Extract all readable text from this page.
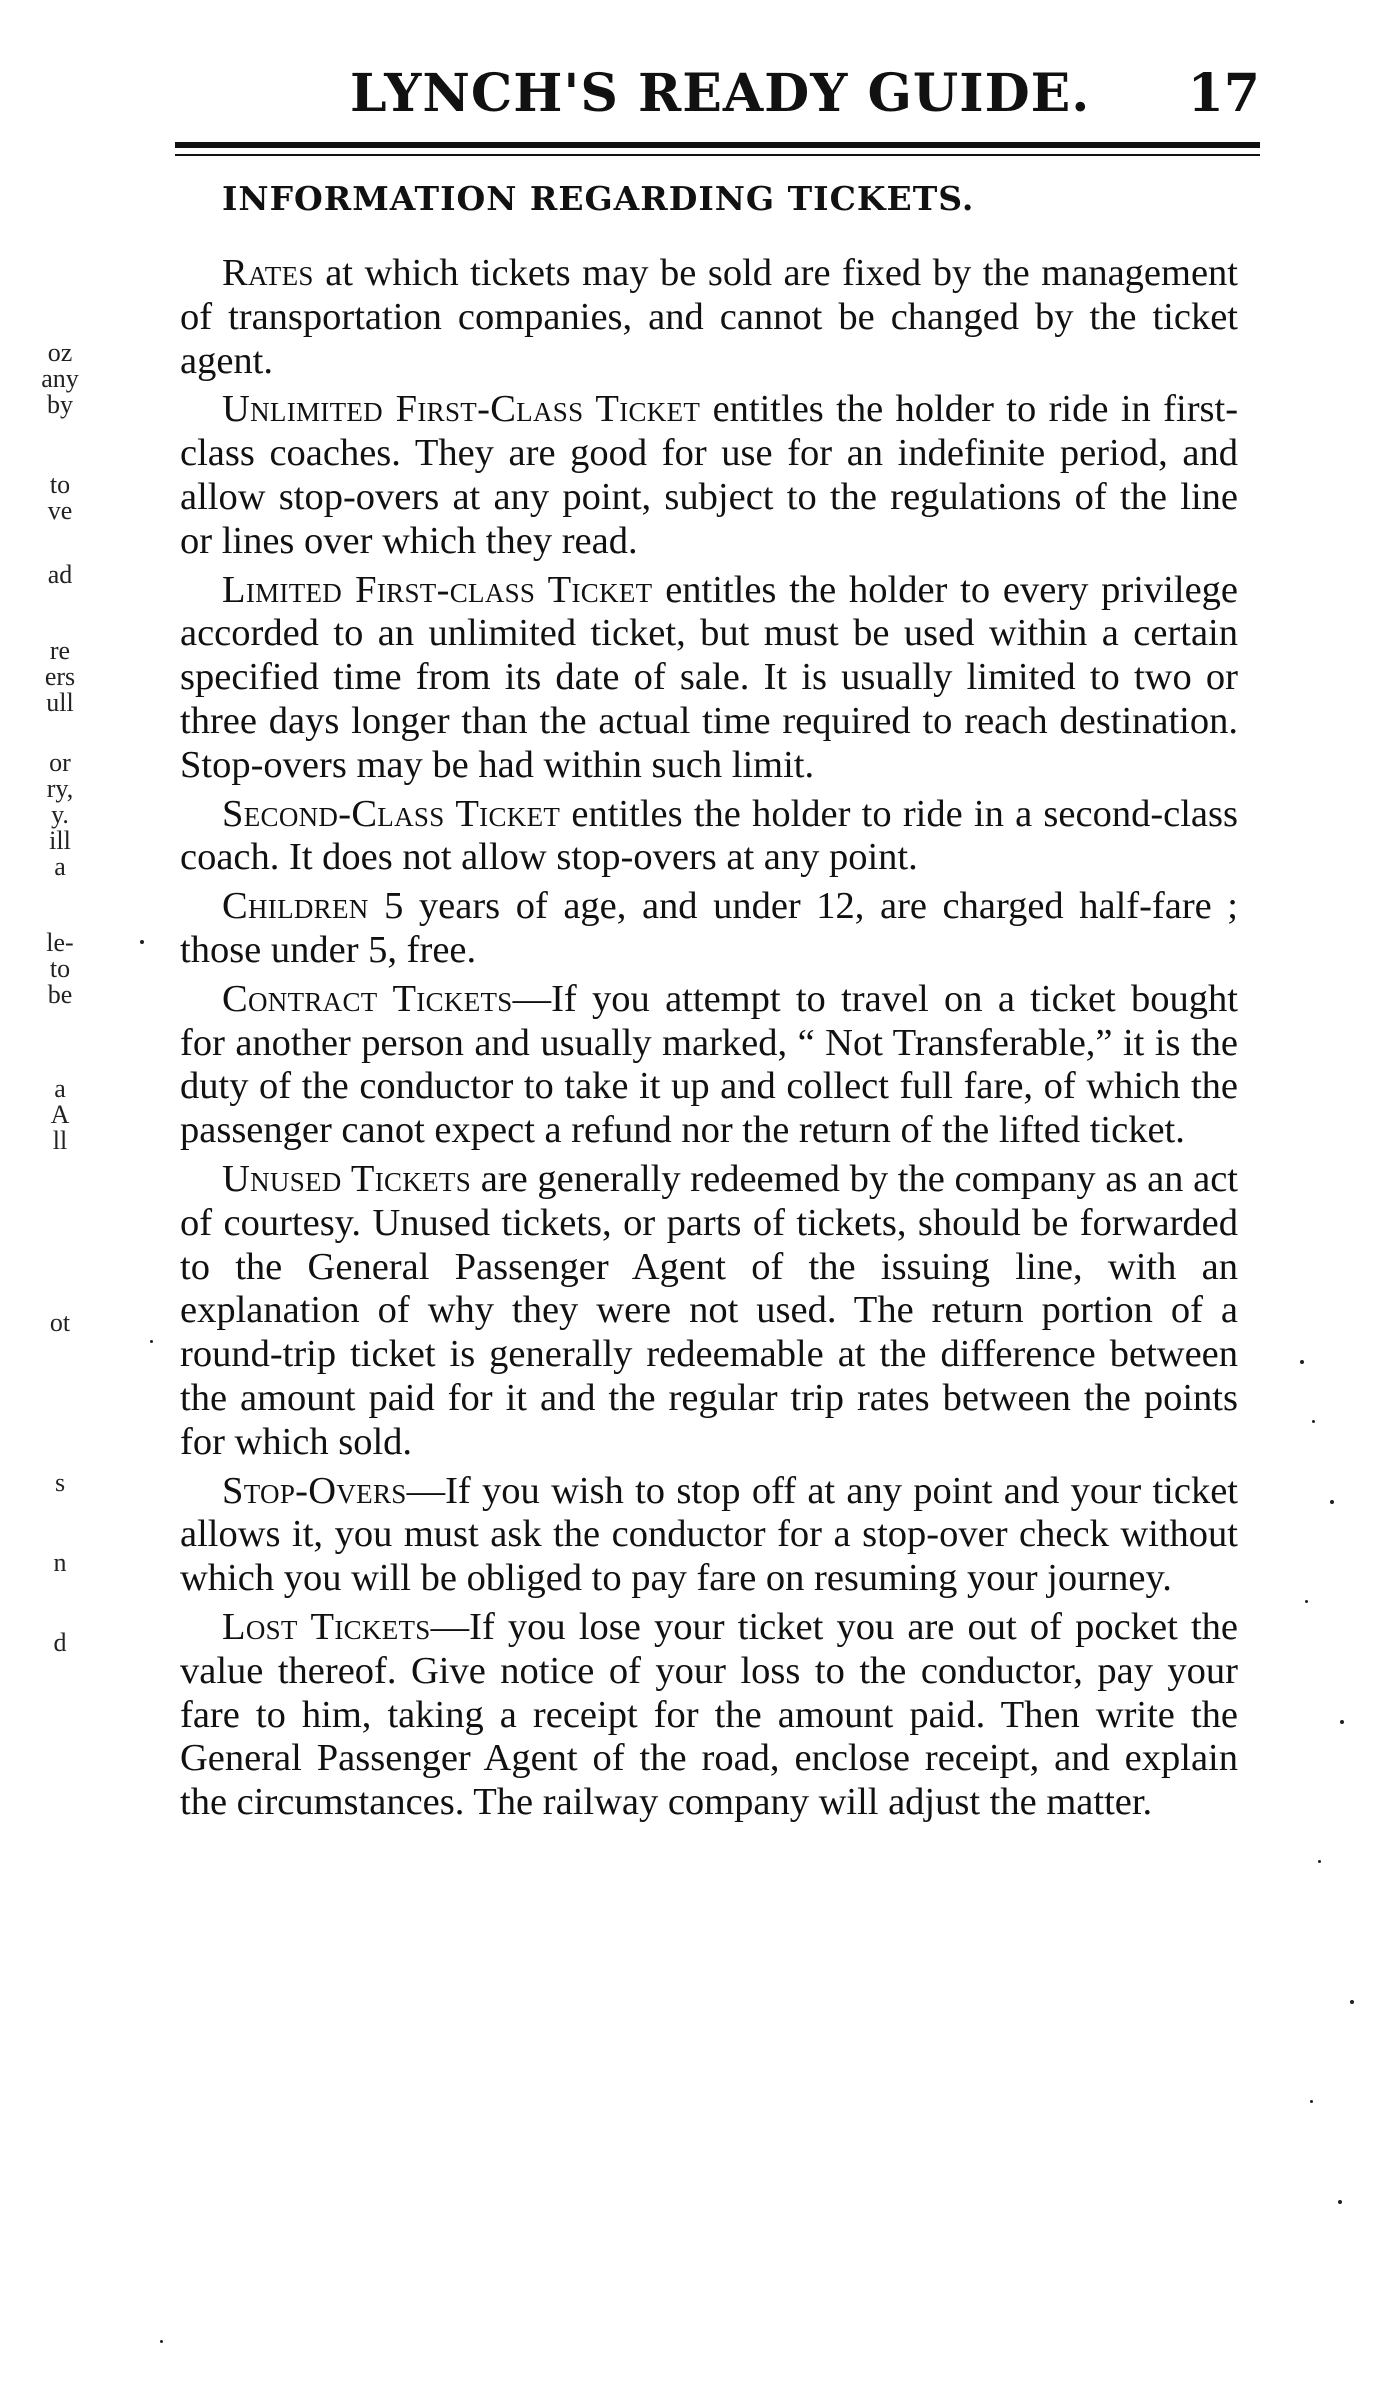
oz
any
by
to
ve
ad
re
ers
ull
or
ry,
y.
ill
a
le-
to
be
a
A
ll
ot
s
n
d
LYNCH'S READY GUIDE. 17
INFORMATION REGARDING TICKETS.

Rates at which tickets may be sold are fixed by the management of transportation companies, and cannot be changed by the ticket agent.

Unlimited First-Class Ticket entitles the holder to ride in first-class coaches. They are good for use for an indefinite period, and allow stop-overs at any point, subject to the regulations of the line or lines over which they read.

Limited First-class Ticket entitles the holder to every privilege accorded to an unlimited ticket, but must be used within a certain specified time from its date of sale. It is usually limited to two or three days longer than the actual time required to reach destination. Stop-overs may be had within such limit.

Second-Class Ticket entitles the holder to ride in a second-class coach. It does not allow stop-overs at any point.

Children 5 years of age, and under 12, are charged half-fare ; those under 5, free.

Contract Tickets—If you attempt to travel on a ticket bought for another person and usually marked, “ Not Transferable,” it is the duty of the conductor to take it up and collect full fare, of which the passenger canot expect a refund nor the return of the lifted ticket.

Unused Tickets are generally redeemed by the company as an act of courtesy. Unused tickets, or parts of tickets, should be forwarded to the General Passenger Agent of the issuing line, with an explanation of why they were not used. The return portion of a round-trip ticket is generally redeemable at the difference between the amount paid for it and the regular trip rates between the points for which sold.

Stop-Overs—If you wish to stop off at any point and your ticket allows it, you must ask the conductor for a stop-over check without which you will be obliged to pay fare on resuming your journey.

Lost Tickets—If you lose your ticket you are out of pocket the value thereof. Give notice of your loss to the conductor, pay your fare to him, taking a receipt for the amount paid. Then write the General Passenger Agent of the road, enclose receipt, and explain the circumstances. The railway company will adjust the matter.
